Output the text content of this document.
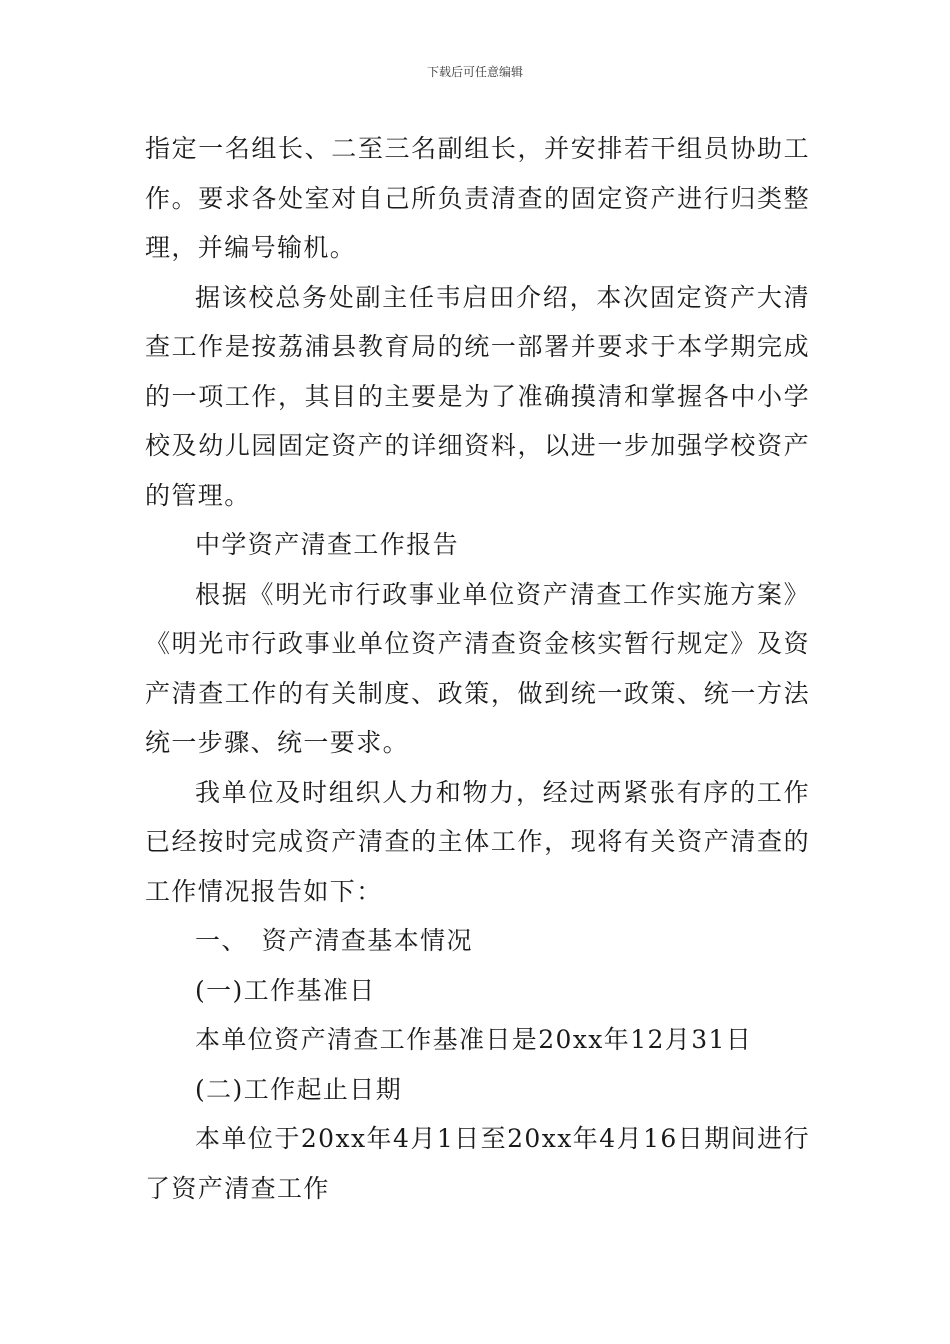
下载后可任意编辑

指定一名组长、二至三名副组长，并安排若干组员协助工作。要求各处室对自己所负责清查的固定资产进行归类整理，并编号输机。

据该校总务处副主任韦启田介绍，本次固定资产大清查工作是按荔浦县教育局的统一部署并要求于本学期完成的一项工作，其目的主要是为了准确摸清和掌握各中小学校及幼儿园固定资产的详细资料，以进一步加强学校资产的管理。

中学资产清查工作报告

根据《明光市行政事业单位资产清查工作实施方案》《明光市行政事业单位资产清查资金核实暂行规定》及资产清查工作的有关制度、政策，做到统一政策、统一方法统一步骤、统一要求。

我单位及时组织人力和物力，经过两紧张有序的工作已经按时完成资产清查的主体工作，现将有关资产清查的工作情况报告如下：

一、　资产清查基本情况

(一)工作基准日

本单位资产清查工作基准日是20xx年12月31日

(二)工作起止日期

本单位于20xx年4月1日至20xx年4月16日期间进行了资产清查工作
